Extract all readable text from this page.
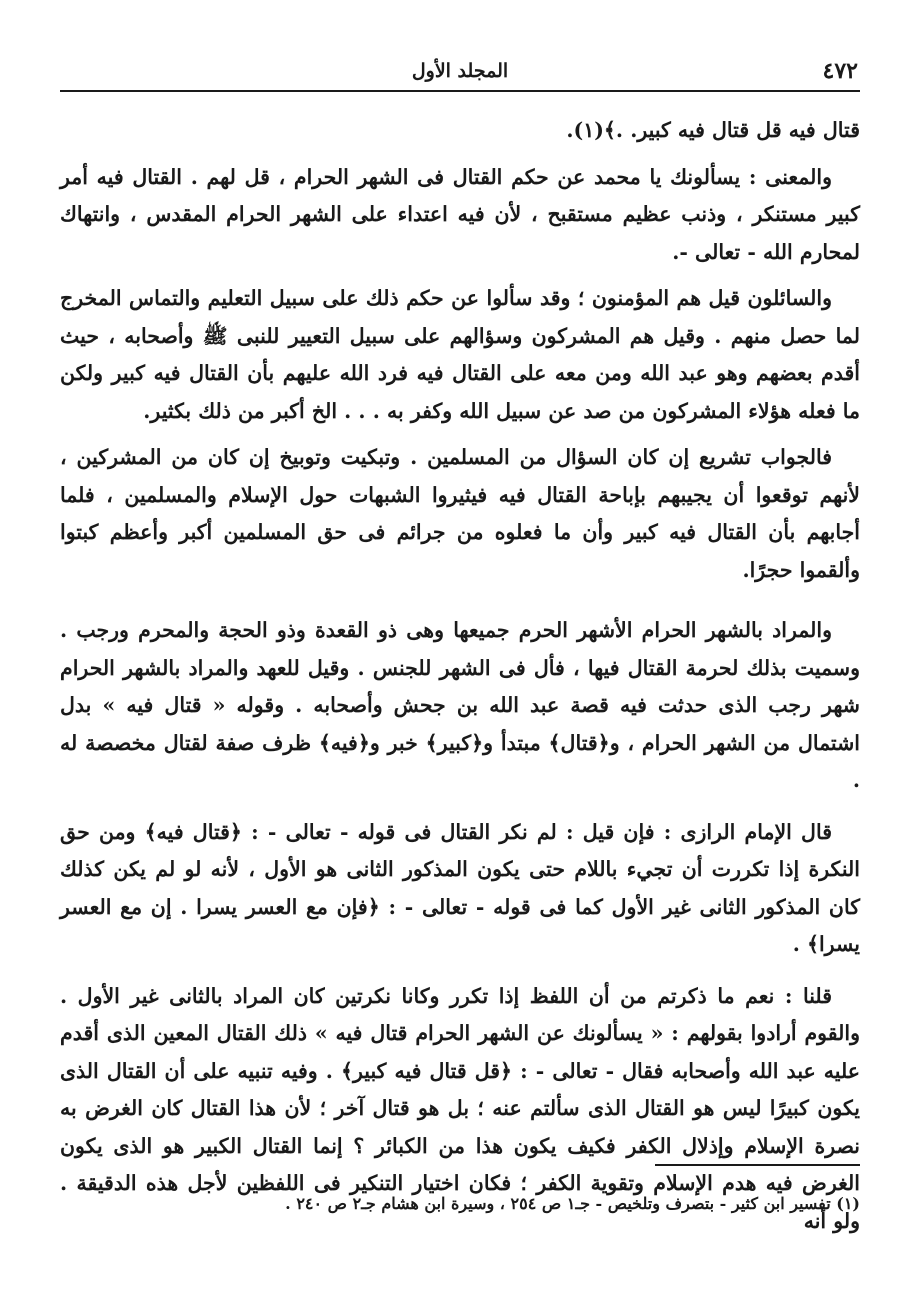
٤٧٢
المجلد الأول

قتال فيه قل قتال فيه كبير. .﴾(١).

والمعنى : يسألونك يا محمد عن حكم القتال فى الشهر الحرام ، قل لهم . القتال فيه أمر كبير مستنكر ، وذنب عظيم مستقبح ، لأن فيه اعتداء على الشهر الحرام المقدس ، وانتهاك لمحارم الله - تعالى -.

والسائلون قيل هم المؤمنون ؛ وقد سألوا عن حكم ذلك على سبيل التعليم والتماس المخرج لما حصل منهم . وقيل هم المشركون وسؤالهم على سبيل التعيير للنبى ﷺ وأصحابه ، حيث أقدم بعضهم وهو عبد الله ومن معه على القتال فيه فرد الله عليهم بأن القتال فيه كبير ولكن ما فعله هؤلاء المشركون من صد عن سبيل الله وكفر به . . . الخ أكبر من ذلك بكثير.

فالجواب تشريع إن كان السؤال من المسلمين . وتبكيت وتوبيخ إن كان من المشركين ، لأنهم توقعوا أن يجيبهم بإباحة القتال فيه فيثيروا الشبهات حول الإسلام والمسلمين ، فلما أجابهم بأن القتال فيه كبير وأن ما فعلوه من جرائم فى حق المسلمين أكبر وأعظم كبتوا وألقموا حجرًا.

والمراد بالشهر الحرام الأشهر الحرم جميعها وهى ذو القعدة وذو الحجة والمحرم ورجب . وسميت بذلك لحرمة القتال فيها ، فأل فى الشهر للجنس . وقيل للعهد والمراد بالشهر الحرام شهر رجب الذى حدثت فيه قصة عبد الله بن جحش وأصحابه . وقوله « قتال فيه » بدل اشتمال من الشهر الحرام ، و﴿قتال﴾ مبتدأ و﴿كبير﴾ خبر و﴿فيه﴾ ظرف صفة لقتال مخصصة له .

قال الإمام الرازى : فإن قيل : لم نكر القتال فى قوله - تعالى - : ﴿قتال فيه﴾ ومن حق النكرة إذا تكررت أن تجيء باللام حتى يكون المذكور الثانى هو الأول ، لأنه لو لم يكن كذلك كان المذكور الثانى غير الأول كما فى قوله - تعالى - : ﴿فإن مع العسر يسرا . إن مع العسر يسرا﴾ .

قلنا : نعم ما ذكرتم من أن اللفظ إذا تكرر وكانا نكرتين كان المراد بالثانى غير الأول . والقوم أرادوا بقولهم : « يسألونك عن الشهر الحرام قتال فيه » ذلك القتال المعين الذى أقدم عليه عبد الله وأصحابه فقال - تعالى - : ﴿قل قتال فيه كبير﴾ . وفيه تنبيه على أن القتال الذى يكون كبيرًا ليس هو القتال الذى سألتم عنه ؛ بل هو قتال آخر ؛ لأن هذا القتال كان الغرض به نصرة الإسلام وإذلال الكفر فكيف يكون هذا من الكبائر ؟ إنما القتال الكبير هو الذى يكون الغرض فيه هدم الإسلام وتقوية الكفر ؛ فكان اختيار التنكير فى اللفظين لأجل هذه الدقيقة . ولو أنه

(١) تفسير ابن كثير - بتصرف وتلخيص - جـ١ ص ٢٥٤ ، وسيرة ابن هشام جـ٢ ص ٢٤٠ .
